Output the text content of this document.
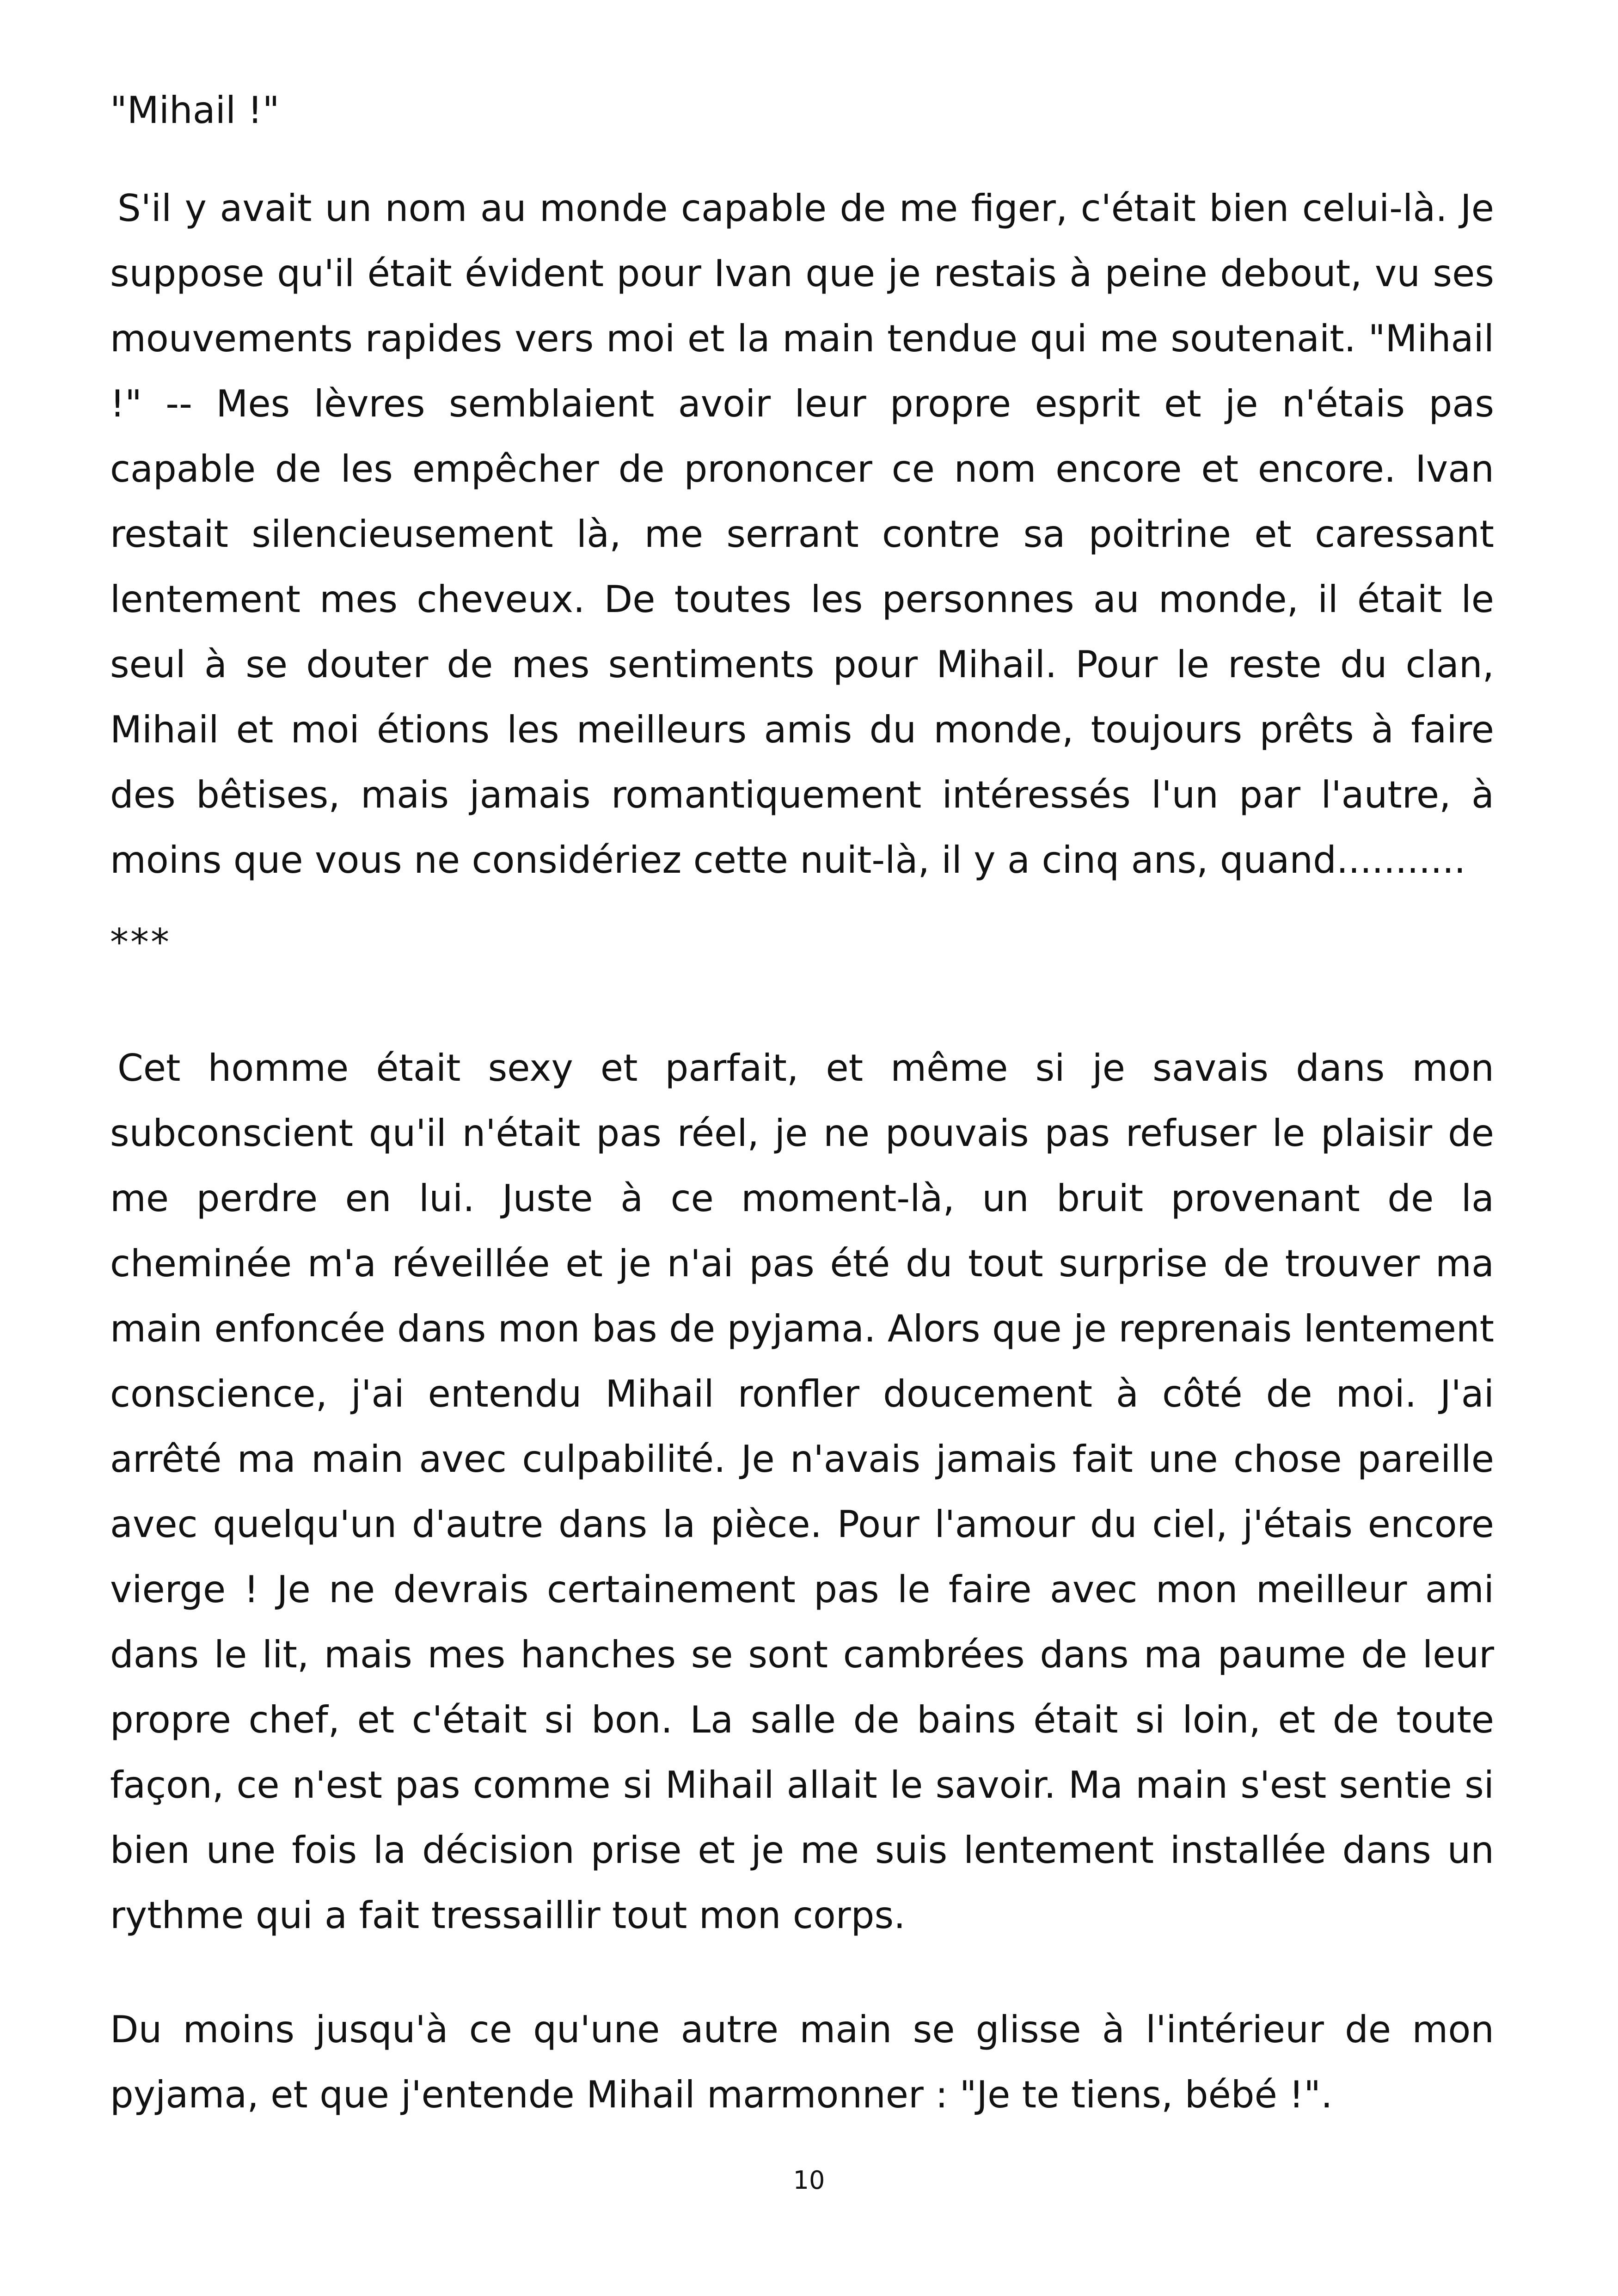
"Mihail !"

S'il y avait un nom au monde capable de me figer, c'était bien celui-là. Je suppose qu'il était évident pour Ivan que je restais à peine debout, vu ses mouvements rapides vers moi et la main tendue qui me soutenait. "Mihail !" -- Mes lèvres semblaient avoir leur propre esprit et je n'étais pas capable de les empêcher de prononcer ce nom encore et encore. Ivan restait silencieusement là, me serrant contre sa poitrine et caressant lentement mes cheveux. De toutes les personnes au monde, il était le seul à se douter de mes sentiments pour Mihail. Pour le reste du clan, Mihail et moi étions les meilleurs amis du monde, toujours prêts à faire des bêtises, mais jamais romantiquement intéressés l'un par l'autre, à moins que vous ne considériez cette nuit-là, il y a cinq ans, quand...........

***

Cet homme était sexy et parfait, et même si je savais dans mon subconscient qu'il n'était pas réel, je ne pouvais pas refuser le plaisir de me perdre en lui. Juste à ce moment-là, un bruit provenant de la cheminée m'a réveillée et je n'ai pas été du tout surprise de trouver ma main enfoncée dans mon bas de pyjama. Alors que je reprenais lentement conscience, j'ai entendu Mihail ronfler doucement à côté de moi. J'ai arrêté ma main avec culpabilité. Je n'avais jamais fait une chose pareille avec quelqu'un d'autre dans la pièce. Pour l'amour du ciel, j'étais encore vierge ! Je ne devrais certainement pas le faire avec mon meilleur ami dans le lit, mais mes hanches se sont cambrées dans ma paume de leur propre chef, et c'était si bon. La salle de bains était si loin, et de toute façon, ce n'est pas comme si Mihail allait le savoir. Ma main s'est sentie si bien une fois la décision prise et je me suis lentement installée dans un rythme qui a fait tressaillir tout mon corps.

Du moins jusqu'à ce qu'une autre main se glisse à l'intérieur de mon pyjama, et que j'entende Mihail marmonner : "Je te tiens, bébé !".

10
